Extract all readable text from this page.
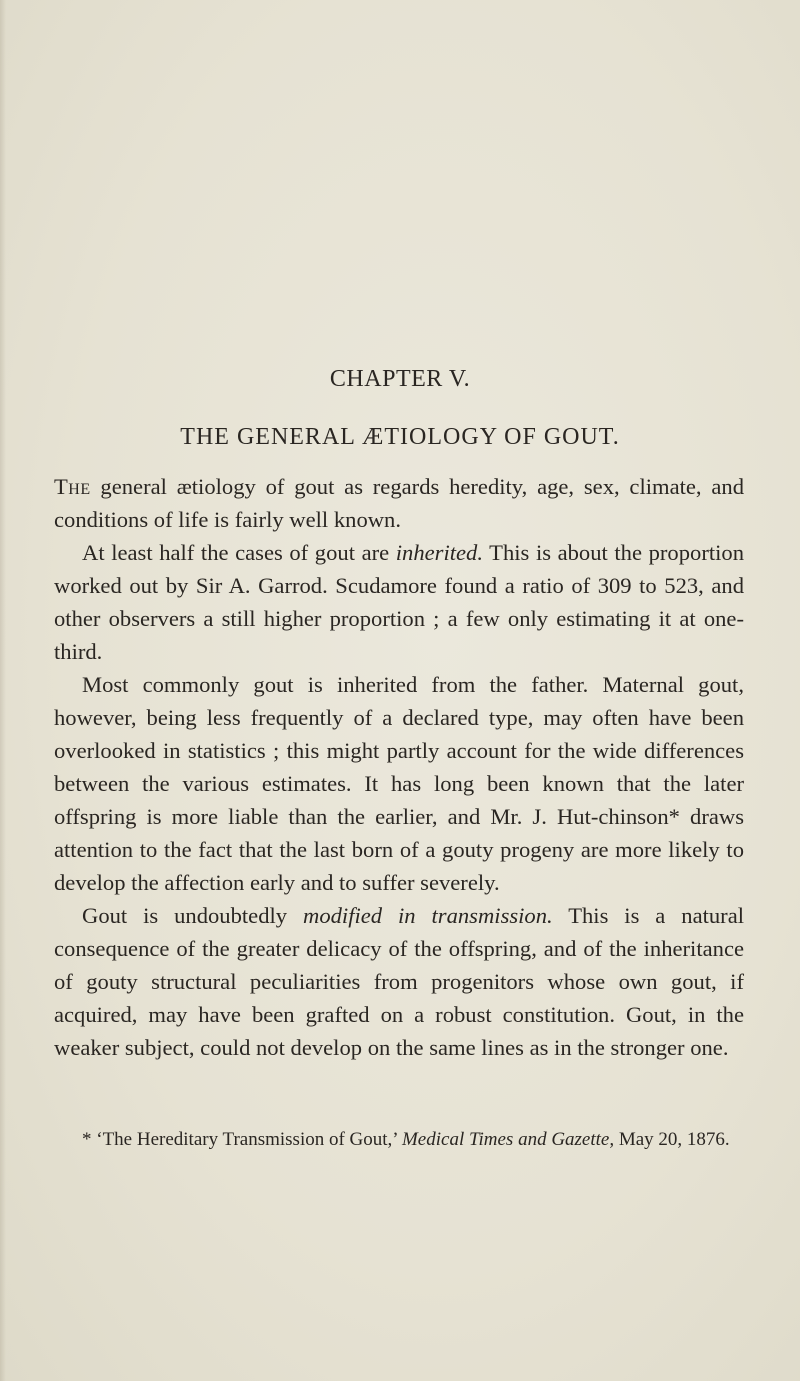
CHAPTER V.
THE GENERAL ÆTIOLOGY OF GOUT.

The general ætiology of gout as regards heredity, age, sex, climate, and conditions of life is fairly well known.

At least half the cases of gout are inherited. This is about the proportion worked out by Sir A. Garrod. Scudamore found a ratio of 309 to 523, and other observers a still higher proportion ; a few only estimating it at one-third.

Most commonly gout is inherited from the father. Maternal gout, however, being less frequently of a declared type, may often have been overlooked in statistics ; this might partly account for the wide differences between the various estimates. It has long been known that the later offspring is more liable than the earlier, and Mr. J. Hut-chinson* draws attention to the fact that the last born of a gouty progeny are more likely to develop the affection early and to suffer severely.

Gout is undoubtedly modified in transmission. This is a natural consequence of the greater delicacy of the offspring, and of the inheritance of gouty structural peculiarities from progenitors whose own gout, if acquired, may have been grafted on a robust constitution. Gout, in the weaker subject, could not develop on the same lines as in the stronger one.

* ‘The Hereditary Transmission of Gout,’ Medical Times and Gazette, May 20, 1876.
